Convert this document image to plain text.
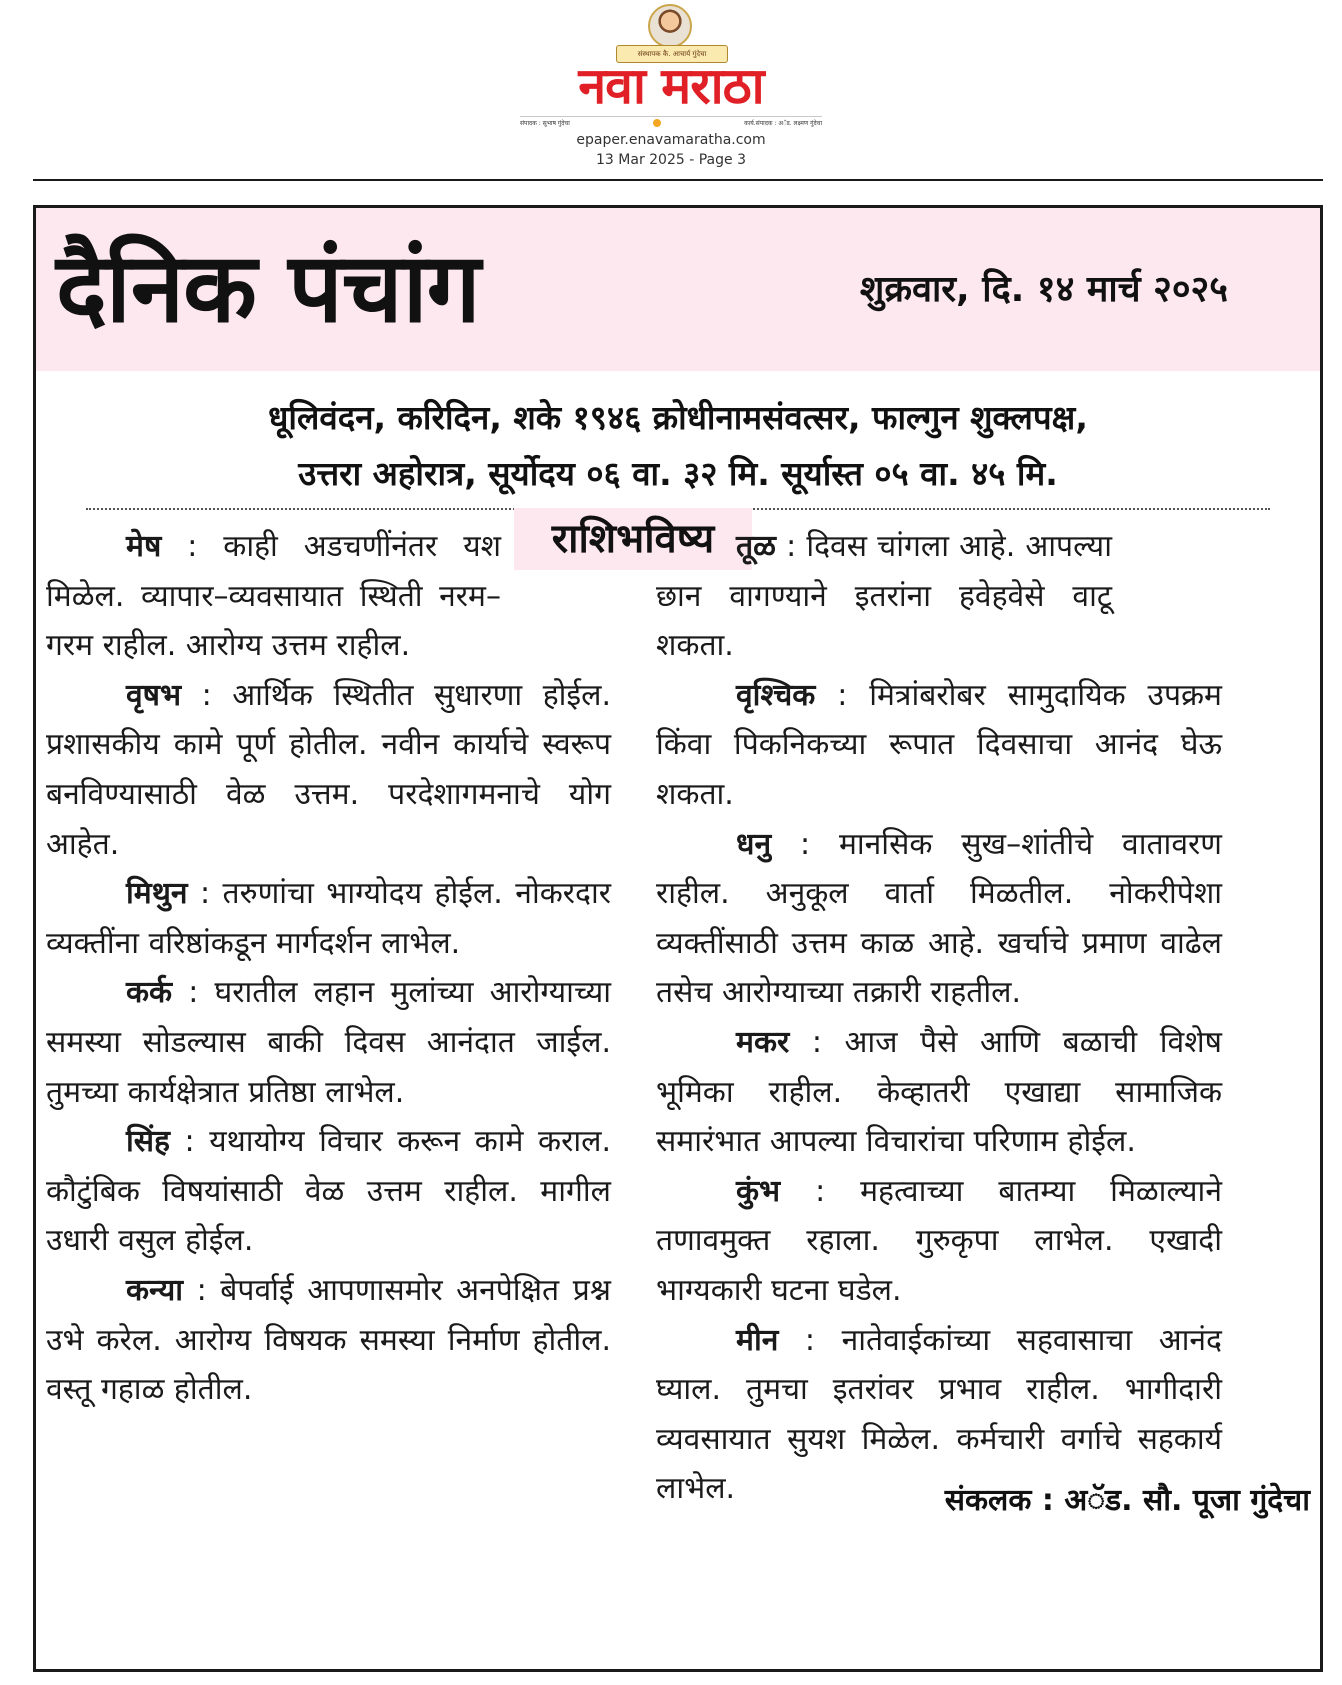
संस्थापक कै. आचार्य गुंदेचा
नवा मराठा
संपादक : सुभाष गुंदेचा	कार्य.संपादक : अॅड. लक्ष्मण गुंदेचा
epaper.enavamaratha.com
13 Mar 2025 - Page 3
दैनिक पंचांग	शुक्रवार, दि. १४ मार्च २०२५
धूलिवंदन, करिदिन, शके १९४६ क्रोधीनामसंवत्सर, फाल्गुन शुक्लपक्ष,
उत्तरा अहोरात्र, सूर्योदय ०६ वा. ३२ मि. सूर्यास्त ०५ वा. ४५ मि.
राशिभविष्य

मेष : काही अडचणींनंतर यश मिळेल. व्यापार–व्यवसायात स्थिती नरम–गरम राहील. आरोग्य उत्तम राहील.

वृषभ : आर्थिक स्थितीत सुधारणा होईल. प्रशासकीय कामे पूर्ण होतील. नवीन कार्याचे स्वरूप बनविण्यासाठी वेळ उत्तम. परदेशागमनाचे योग आहेत.

मिथुन : तरुणांचा भाग्योदय होईल. नोकरदार व्यक्तींना वरिष्ठांकडून मार्गदर्शन लाभेल.

कर्क : घरातील लहान मुलांच्या आरोग्याच्या समस्या सोडल्यास बाकी दिवस आनंदात जाईल. तुमच्या कार्यक्षेत्रात प्रतिष्ठा लाभेल.

सिंह : यथायोग्य विचार करून कामे कराल. कौटुंबिक विषयांसाठी वेळ उत्तम राहील. मागील उधारी वसुल होईल.

कन्या : बेपर्वाई आपणासमोर अनपेक्षित प्रश्न उभे करेल. आरोग्य विषयक समस्या निर्माण होतील. वस्तू गहाळ होतील.

तूळ : दिवस चांगला आहे. आपल्या छान वागण्याने इतरांना हवेहवेसे वाटू शकता.

वृश्चिक : मित्रांबरोबर सामुदायिक उपक्रम किंवा पिकनिकच्या रूपात दिवसाचा आनंद घेऊ शकता.

धनु : मानसिक सुख–शांतीचे वातावरण राहील. अनुकूल वार्ता मिळतील. नोकरीपेशा व्यक्तींसाठी उत्तम काळ आहे. खर्चाचे प्रमाण वाढेल तसेच आरोग्याच्या तक्रारी राहतील.

मकर : आज पैसे आणि बळाची विशेष भूमिका राहील. केव्हातरी एखाद्या सामाजिक समारंभात आपल्या विचारांचा परिणाम होईल.

कुंभ : महत्वाच्या बातम्या मिळाल्याने तणावमुक्त रहाला. गुरुकृपा लाभेल. एखादी भाग्यकारी घटना घडेल.

मीन : नातेवाईकांच्या सहवासाचा आनंद घ्याल. तुमचा इतरांवर प्रभाव राहील. भागीदारी व्यवसायात सुयश मिळेल. कर्मचारी वर्गाचे सहकार्य लाभेल.	संकलक : अॅड. सौ. पूजा गुंदेचा
